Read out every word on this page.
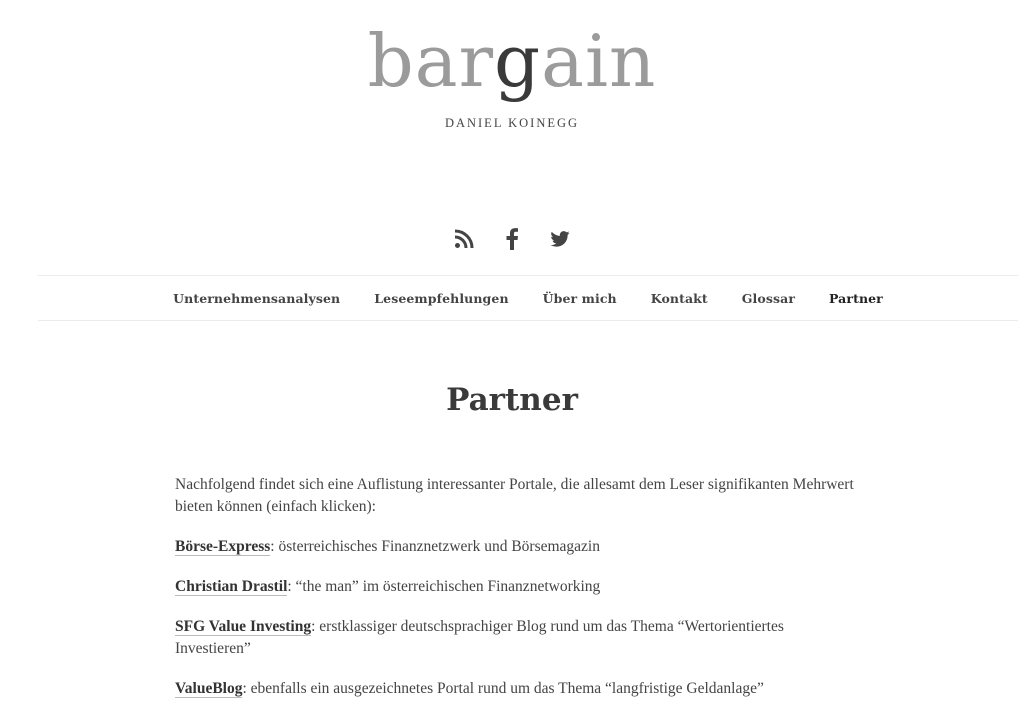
bargain
DANIEL KOINEGG
Unternehmensanalysen	Leseempfehlungen	Über mich	Kontakt	Glossar	Partner
Partner

Nachfolgend findet sich eine Auflistung interessanter Portale, die allesamt dem Leser signifikanten Mehrwert bieten können (einfach klicken):

Börse-Express: österreichisches Finanznetzwerk und Börsemagazin

Christian Drastil: “the man” im österreichischen Finanznetworking

SFG Value Investing: erstklassiger deutschsprachiger Blog rund um das Thema “Wertorientiertes Investieren”

ValueBlog: ebenfalls ein ausgezeichnetes Portal rund um das Thema “langfristige Geldanlage”
